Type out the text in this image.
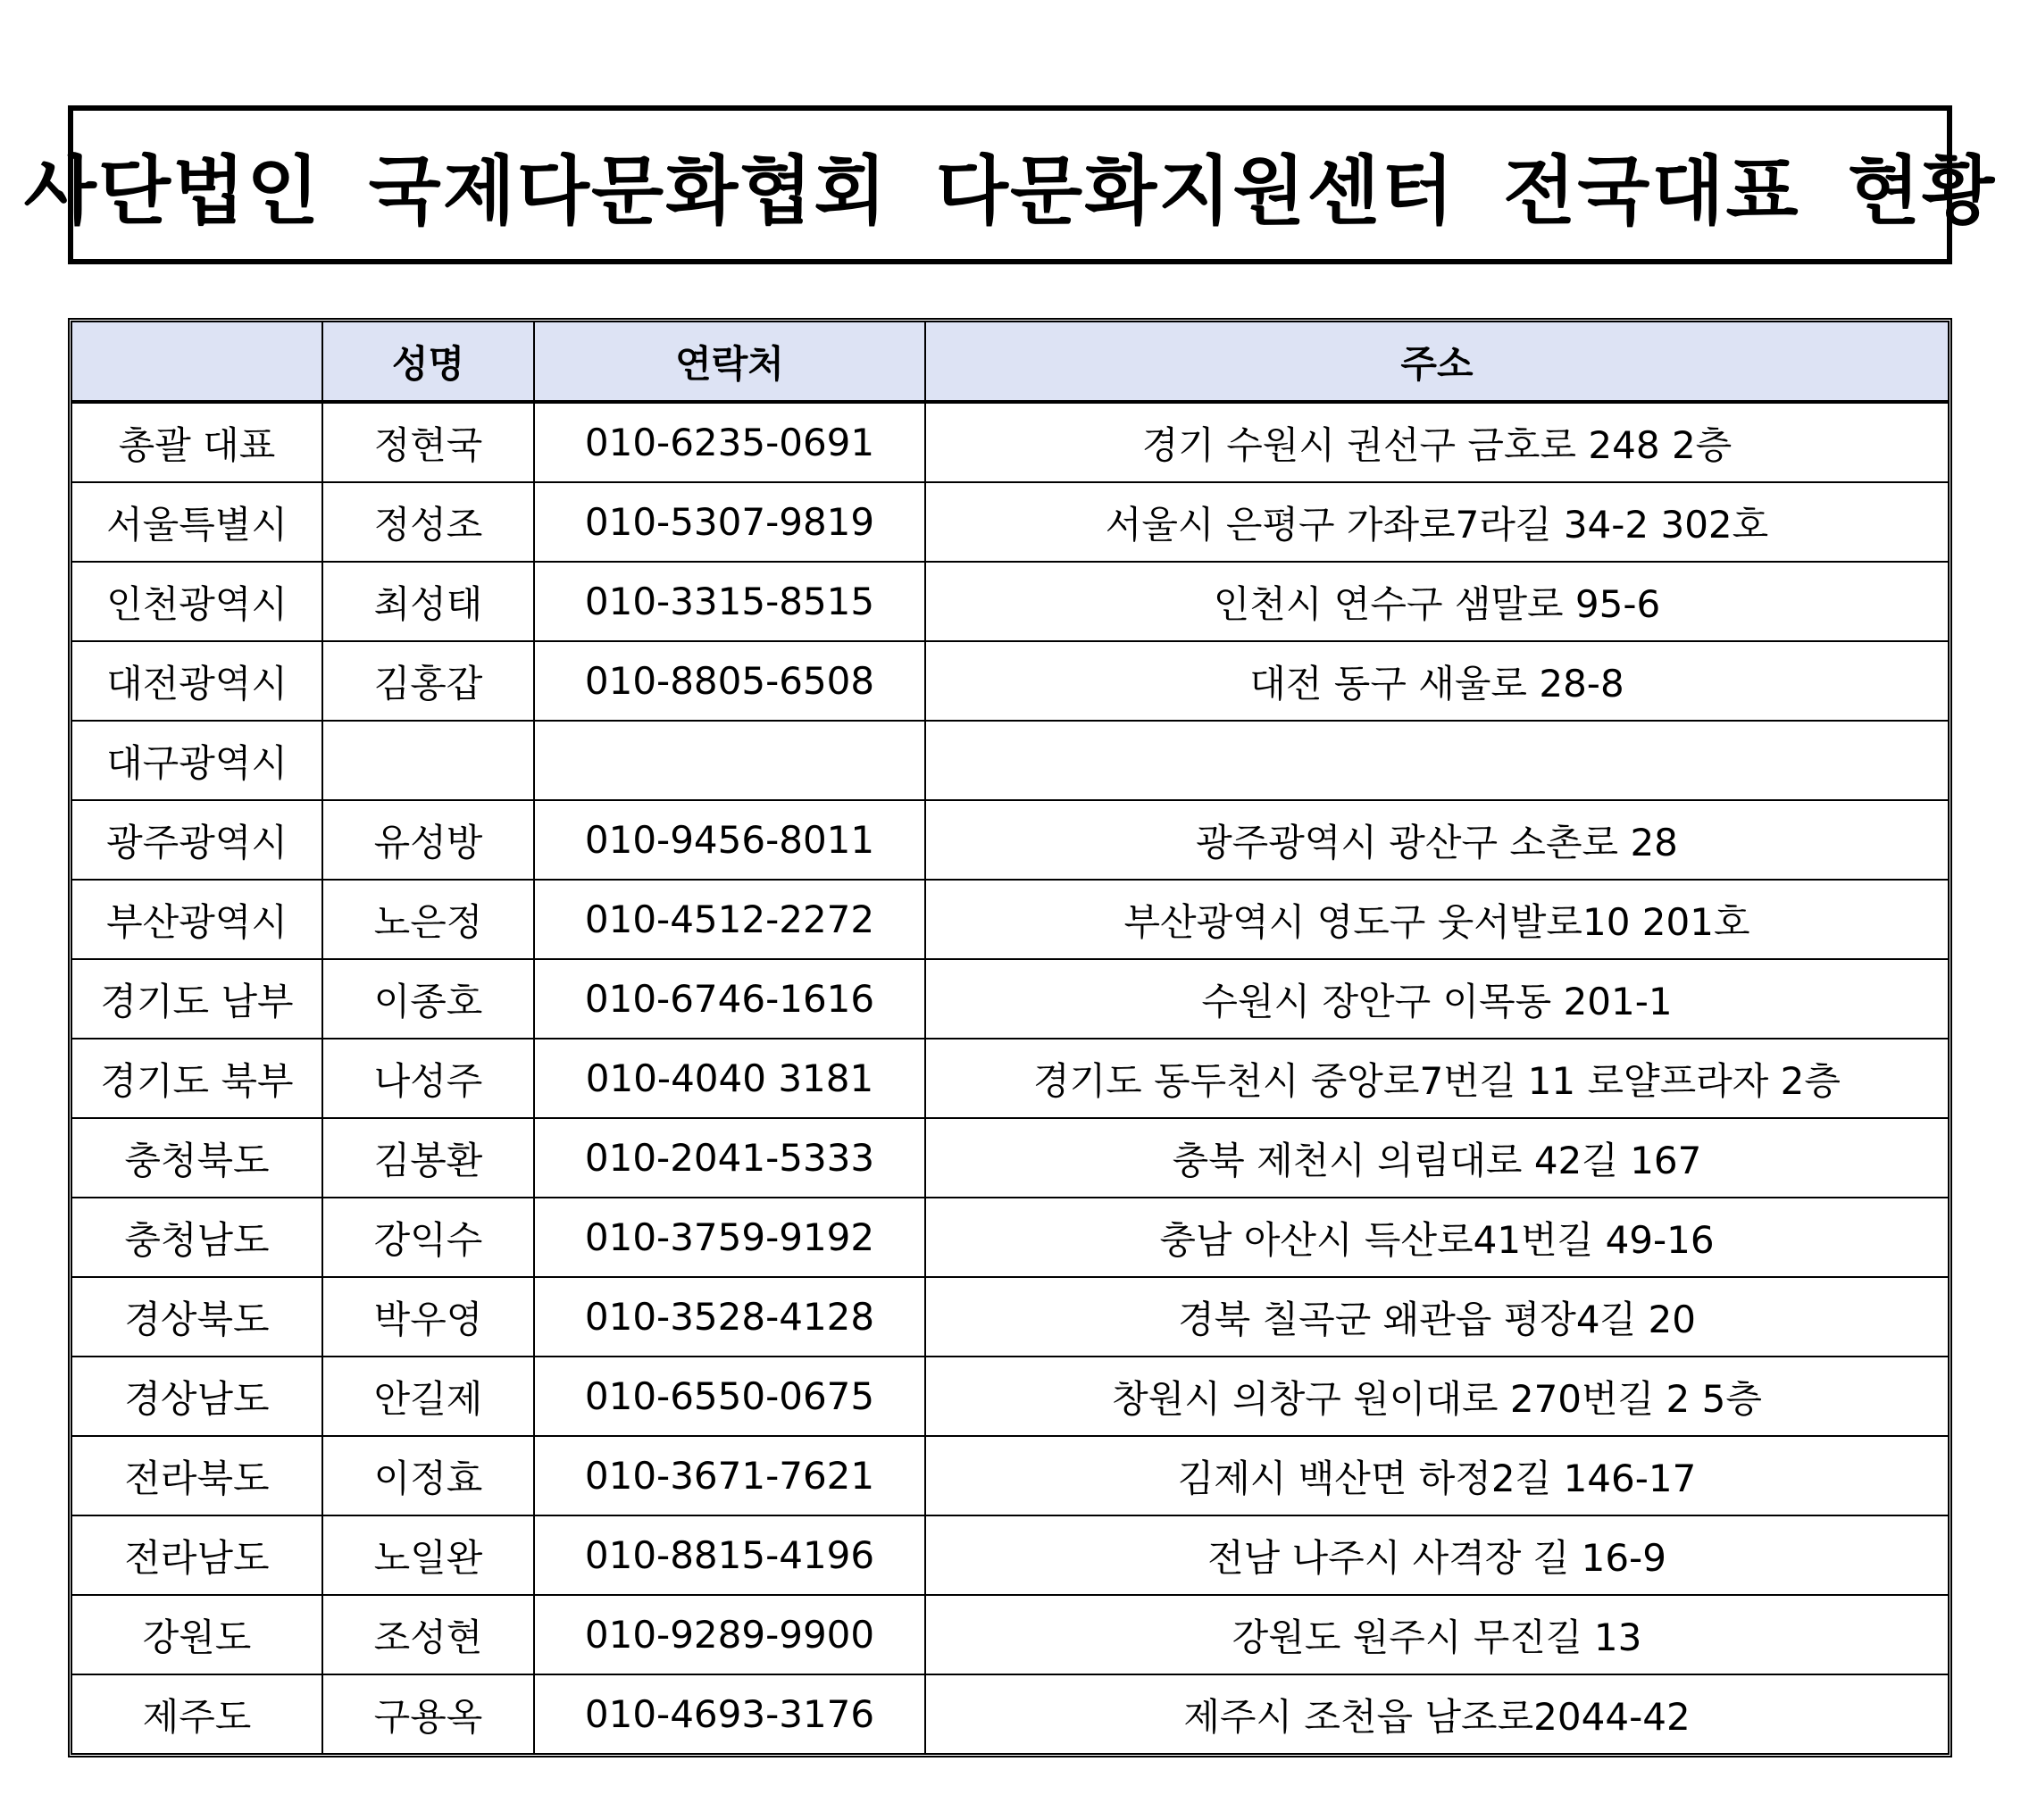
사단법인 국제다문화협회 다문화지원센터 전국대표 현황
	성명	연락처	주소
총괄 대표	정현국	010-6235-0691	경기 수원시 권선구 금호로 248 2층
서울특별시	정성조	010-5307-9819	서울시 은평구 가좌로7라길 34-2 302호
인천광역시	최성태	010-3315-8515	인천시 연수구 샘말로 95-6
대전광역시	김홍갑	010-8805-6508	대전 동구 새울로 28-8
대구광역시			
광주광역시	유성방	010-9456-8011	광주광역시 광산구 소촌로 28
부산광역시	노은정	010-4512-2272	부산광역시 영도구 웃서발로10 201호
경기도 남부	이종호	010-6746-1616	수원시 장안구 이목동 201-1
경기도 북부	나성주	010-4040 3181	경기도 동두천시 중앙로7번길 11 로얄프라자 2층
충청북도	김봉환	010-2041-5333	충북 제천시 의림대로 42길 167
충청남도	강익수	010-3759-9192	충남 아산시 득산로41번길 49-16
경상북도	박우영	010-3528-4128	경북 칠곡군 왜관읍 평장4길 20
경상남도	안길제	010-6550-0675	창원시 의창구 원이대로 270번길 2 5층
전라북도	이정효	010-3671-7621	김제시 백산면 하정2길 146-17
전라남도	노일완	010-8815-4196	전남 나주시 사격장 길 16-9
강원도	조성현	010-9289-9900	강원도 원주시 무진길 13
제주도	구용옥	010-4693-3176	제주시 조천읍 남조로2044-42
